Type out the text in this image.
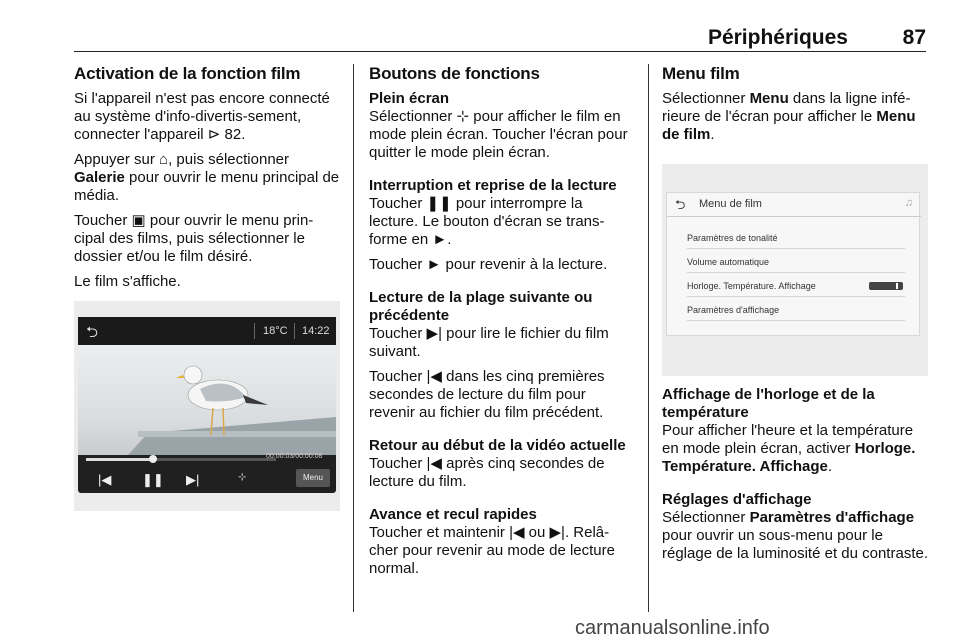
Périphériques	87
Activation de la fonction film

Si l'appareil n'est pas encore connecté au système d'info-divertis-sement, connecter l'appareil ⊳ 82.

Appuyer sur ⌂, puis sélectionner Galerie pour ouvrir le menu principal de média.

Toucher ▣ pour ouvrir le menu prin-cipal des films, puis sélectionner le dossier et/ou le film désiré.

Le film s'affiche.

⮌	18°C 14:22
00:00:03/00:00:08
|◀ ❚❚ ▶|	⊹	Menu
Boutons de fonctions
Plein écran

Sélectionner ⊹ pour afficher le film en mode plein écran. Toucher l'écran pour quitter le mode plein écran.

Interruption et reprise de la lecture

Toucher ❚❚ pour interrompre la lecture. Le bouton d'écran se trans-forme en ►.

Toucher ► pour revenir à la lecture.

Lecture de la plage suivante ou précédente

Toucher ▶| pour lire le fichier du film suivant.

Toucher |◀ dans les cinq premières secondes de lecture du film pour revenir au fichier du film précédent.

Retour au début de la vidéo actuelle

Toucher |◀ après cinq secondes de lecture du film.

Avance et recul rapides

Toucher et maintenir |◀ ou ▶|. Relâ-cher pour revenir au mode de lecture normal.

Menu film

Sélectionner Menu dans la ligne infé-rieure de l'écran pour afficher le Menu de film.

⮌ Menu de film	♫
Paramètres de tonalité
Volume automatique
Horloge. Température. Affichage
Paramètres d'affichage
Affichage de l'horloge et de la température

Pour afficher l'heure et la température en mode plein écran, activer Horloge. Température. Affichage.

Réglages d'affichage

Sélectionner Paramètres d'affichage pour ouvrir un sous-menu pour le réglage de la luminosité et du contraste.

carmanualsonline.info
